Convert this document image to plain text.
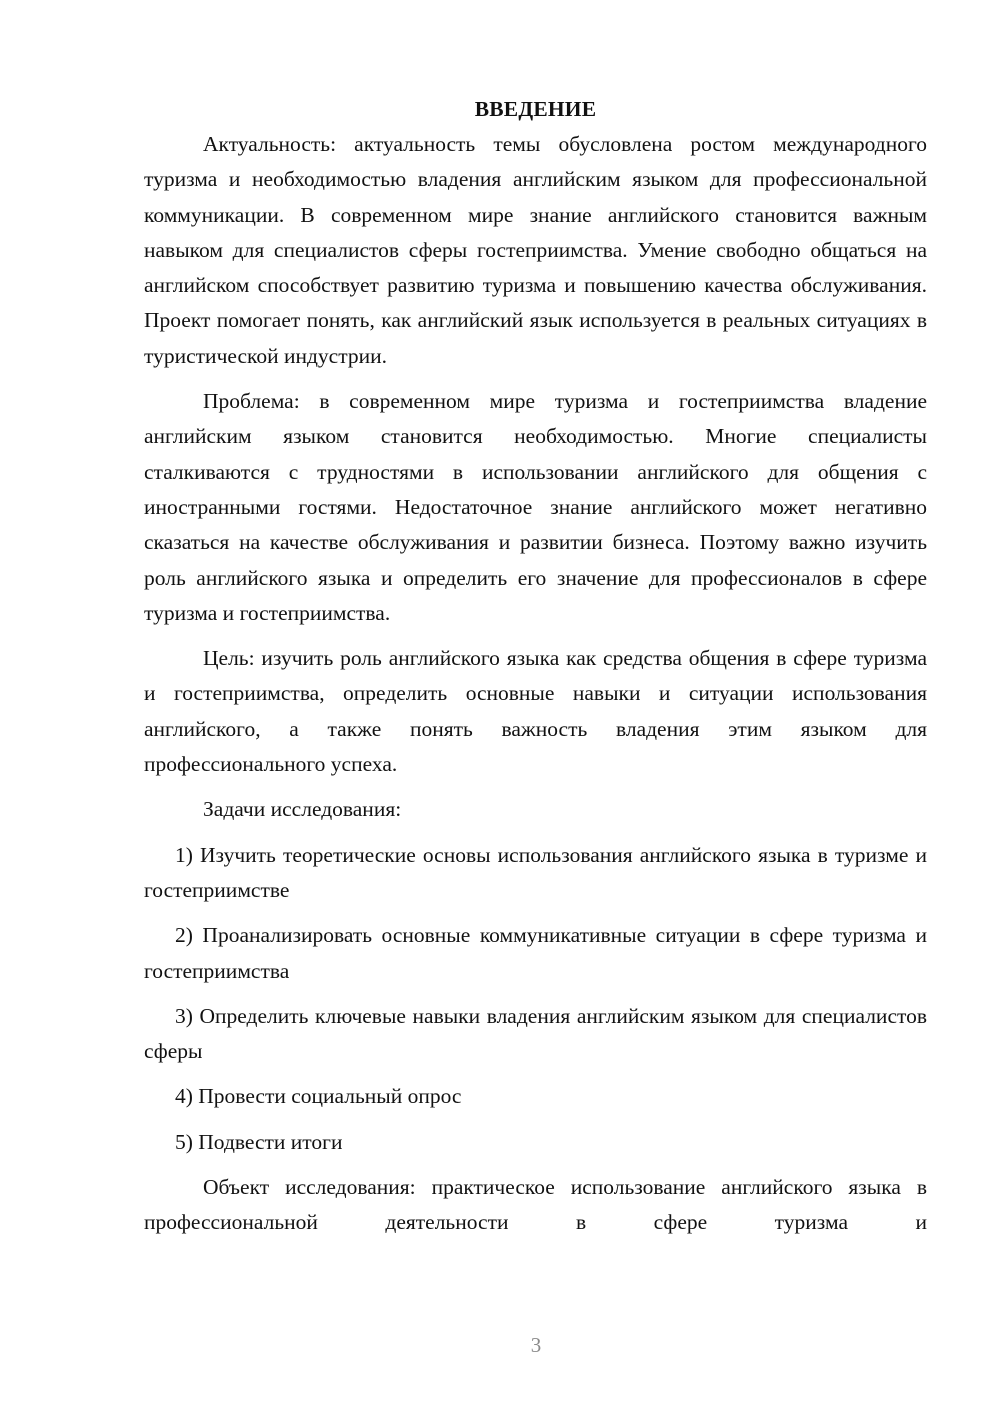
ВВЕДЕНИЕ

Актуальность: актуальность темы обусловлена ростом международного туризма и необходимостью владения английским языком для профессиональной коммуникации. В современном мире знание английского становится важным навыком для специалистов сферы гостеприимства. Умение свободно общаться на английском способствует развитию туризма и повышению качества обслуживания. Проект помогает понять, как английский язык используется в реальных ситуациях в туристической индустрии.

Проблема: в современном мире туризма и гостеприимства владение английским языком становится необходимостью. Многие специалисты сталкиваются с трудностями в использовании английского для общения с иностранными гостями. Недостаточное знание английского может негативно сказаться на качестве обслуживания и развитии бизнеса. Поэтому важно изучить роль английского языка и определить его значение для профессионалов в сфере туризма и гостеприимства.

Цель: изучить роль английского языка как средства общения в сфере туризма и гостеприимства, определить основные навыки и ситуации использования английского, а также понять важность владения этим языком для профессионального успеха.

Задачи исследования:

1) Изучить теоретические основы использования английского языка в туризме и гостеприимстве

2) Проанализировать основные коммуникативные ситуации в сфере туризма и гостеприимства

3) Определить ключевые навыки владения английским языком для специалистов сферы

4) Провести социальный опрос

5) Подвести итоги

Объект исследования: практическое использование английского языка в профессиональной деятельности в сфере туризма и

3
